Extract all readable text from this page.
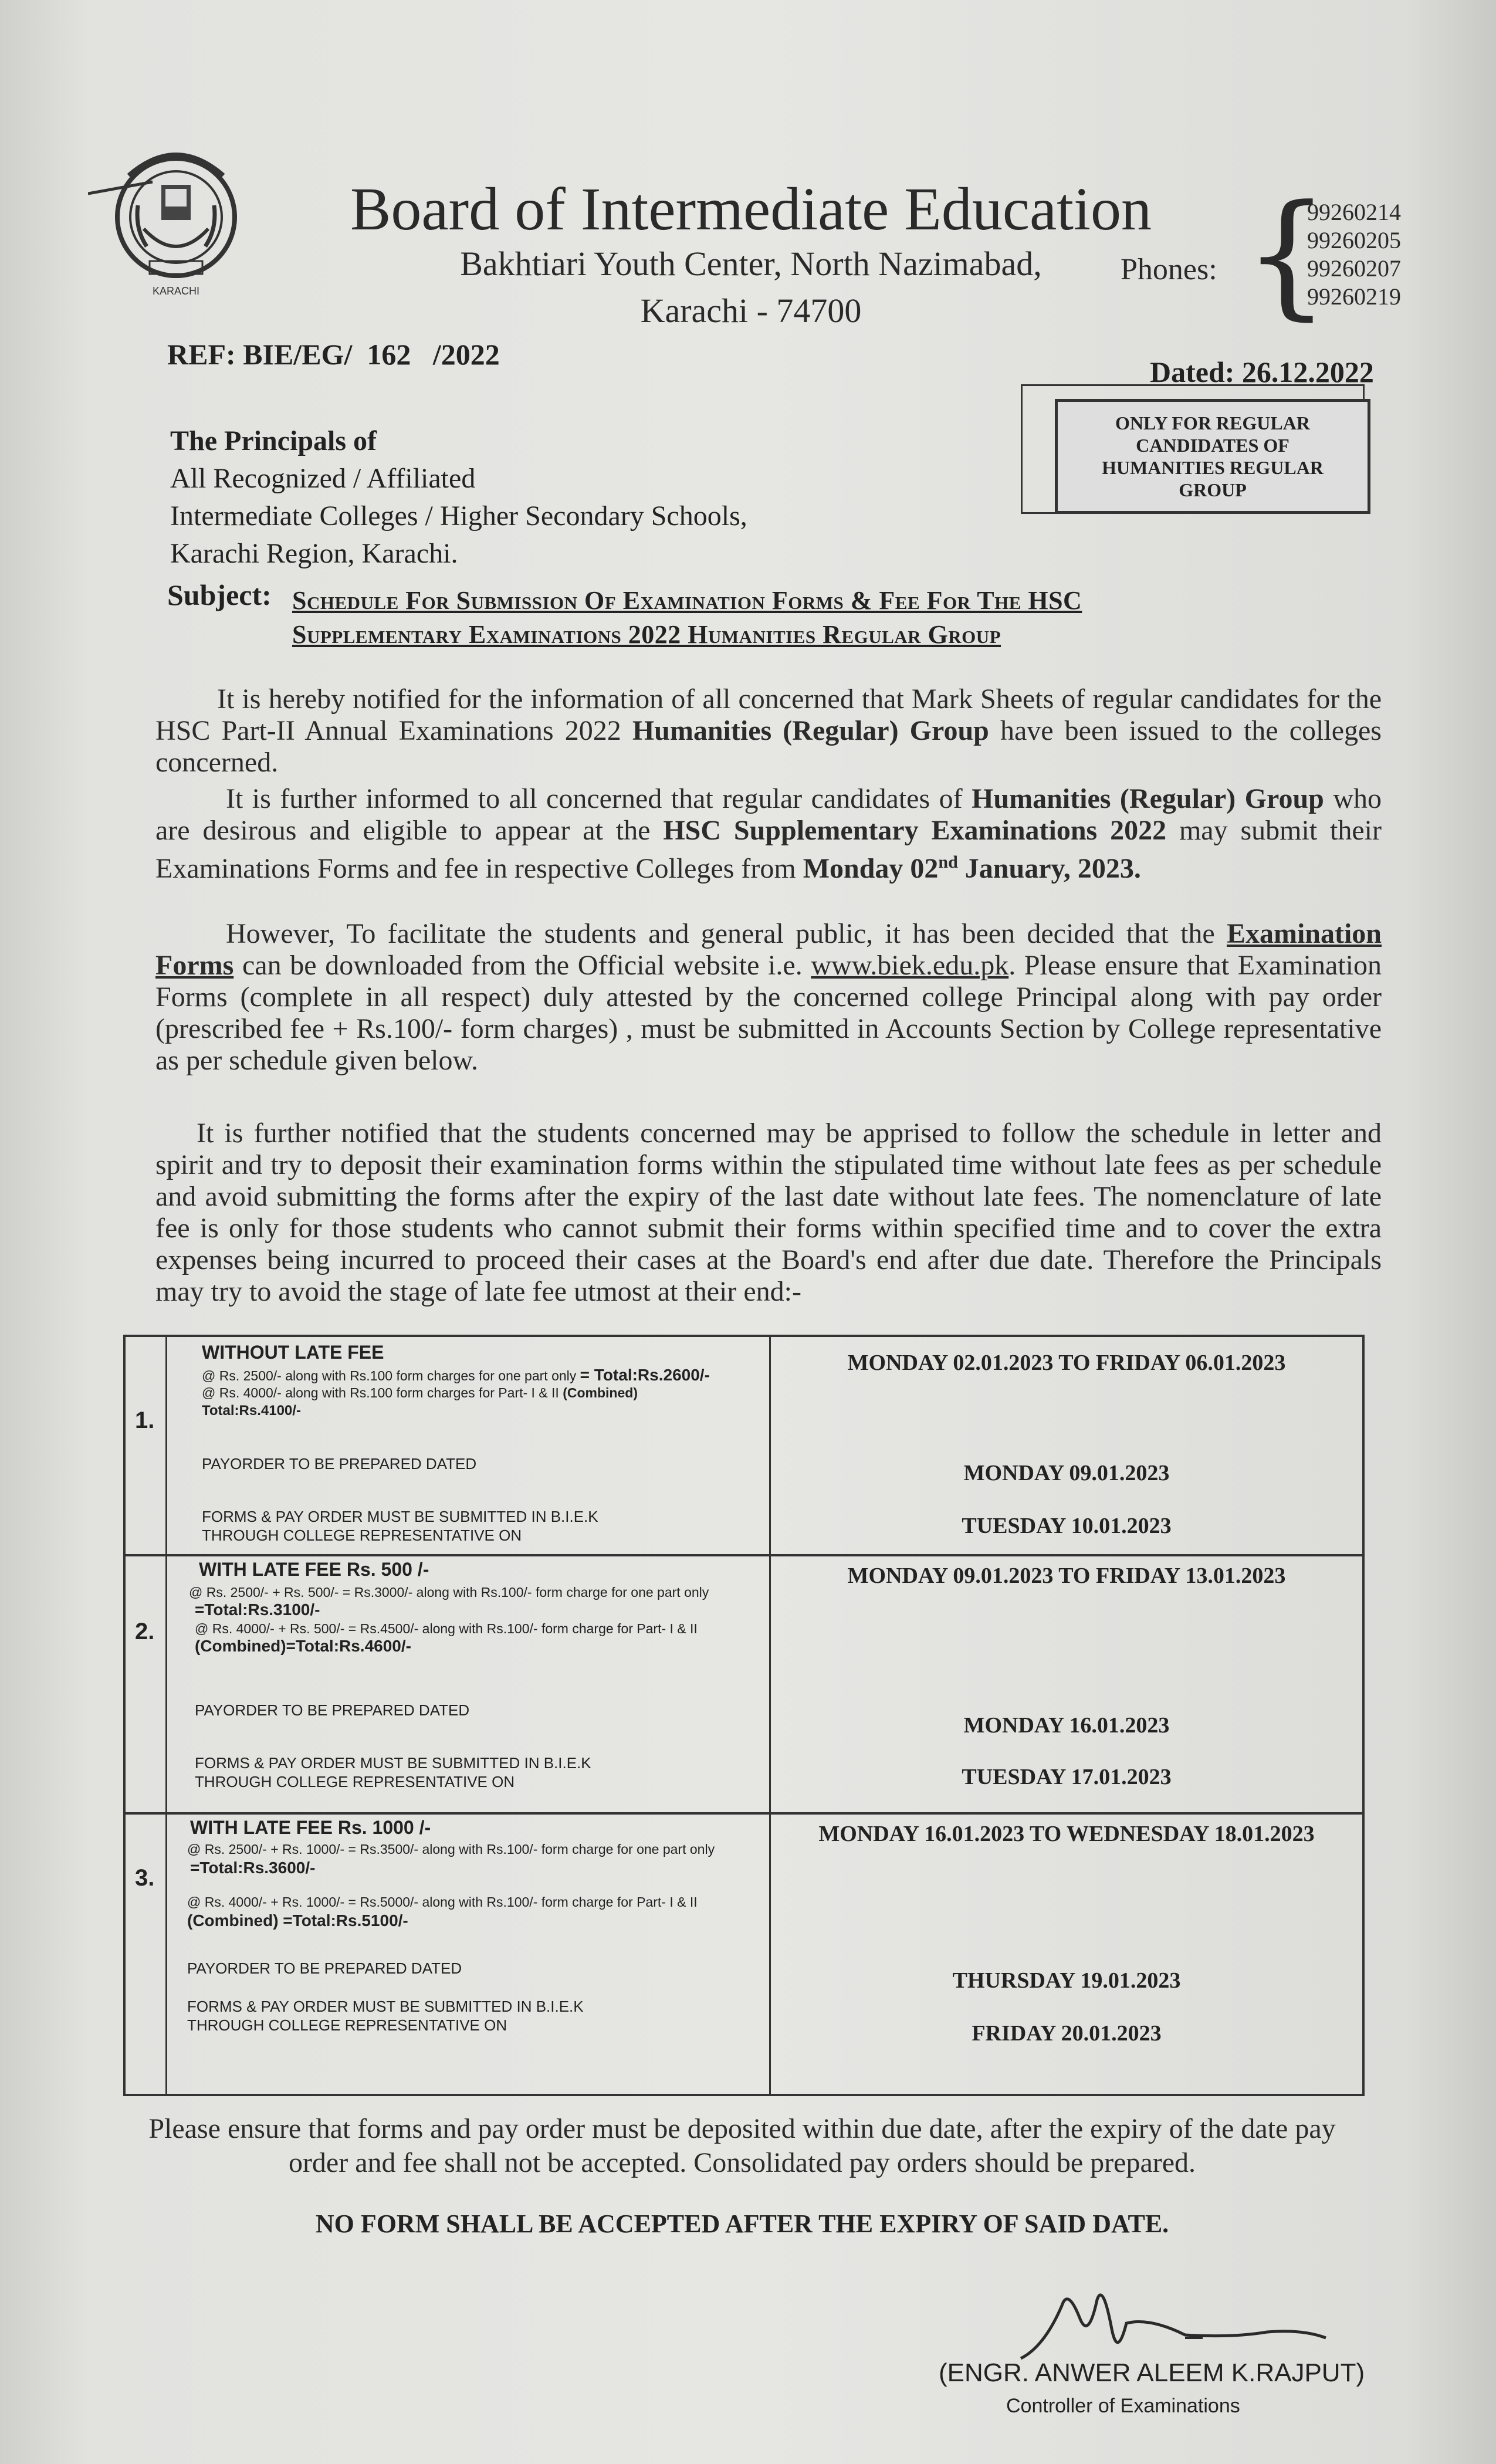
KARACHI
Board of Intermediate Education
Bakhtiari Youth Center, North Nazimabad,
Karachi - 74700
Phones: {
99260214
99260205
99260207
99260219
REF: BIE/EG/  162   /2022
Dated: 26.12.2022
ONLY FOR REGULAR CANDIDATES OF HUMANITIES REGULAR GROUP
The Principals of
All Recognized / Affiliated
Intermediate Colleges / Higher Secondary Schools,
Karachi Region, Karachi.
Subject: Schedule For Submission Of Examination Forms & Fee For The HSC
Supplementary Examinations 2022 Humanities Regular Group
It is hereby notified for the information of all concerned that Mark Sheets of regular candidates for the HSC Part-II Annual Examinations 2022 Humanities (Regular) Group have been issued to the colleges concerned.
It is further informed to all concerned that regular candidates of Humanities (Regular) Group who are desirous and eligible to appear at the HSC Supplementary Examinations 2022 may submit their Examinations Forms and fee in respective Colleges from Monday 02nd January, 2023.
However, To facilitate the students and general public, it has been decided that the Examination Forms can be downloaded from the Official website i.e. www.biek.edu.pk. Please ensure that Examination Forms (complete in all respect) duly attested by the concerned college Principal along with pay order (prescribed fee + Rs.100/- form charges) , must be submitted in Accounts Section by College representative as per schedule given below.
It is further notified that the students concerned may be apprised to follow the schedule in letter and spirit and try to deposit their examination forms within the stipulated time without late fees as per schedule and avoid submitting the forms after the expiry of the last date without late fees. The nomenclature of late fee is only for those students who cannot submit their forms within specified time and to cover the extra expenses being incurred to proceed their cases at the Board's end after due date. Therefore the Principals may try to avoid the stage of late fee utmost at their end:-
1.
WITHOUT LATE FEE
@ Rs. 2500/- along with Rs.100 form charges for one part only = Total:Rs.2600/-
@ Rs. 4000/- along with Rs.100 form charges for Part- I & II (Combined)
Total:Rs.4100/-
PAYORDER TO BE PREPARED DATED
FORMS & PAY ORDER MUST BE SUBMITTED IN B.I.E.K
THROUGH COLLEGE REPRESENTATIVE ON
MONDAY 02.01.2023 TO FRIDAY 06.01.2023
MONDAY 09.01.2023
TUESDAY 10.01.2023
2.
WITH LATE FEE Rs. 500 /-
@ Rs. 2500/- + Rs. 500/- = Rs.3000/- along with Rs.100/- form charge for one part only
=Total:Rs.3100/-
@ Rs. 4000/- + Rs. 500/- = Rs.4500/- along with Rs.100/- form charge for Part- I & II
(Combined)=Total:Rs.4600/-
PAYORDER TO BE PREPARED DATED
FORMS & PAY ORDER MUST BE SUBMITTED IN B.I.E.K
THROUGH COLLEGE REPRESENTATIVE ON
MONDAY 09.01.2023 TO FRIDAY 13.01.2023
MONDAY 16.01.2023
TUESDAY 17.01.2023
3.
WITH LATE FEE Rs. 1000 /-
@ Rs. 2500/- + Rs. 1000/- = Rs.3500/- along with Rs.100/- form charge for one part only
=Total:Rs.3600/-
@ Rs. 4000/- + Rs. 1000/- = Rs.5000/- along with Rs.100/- form charge for Part- I & II
(Combined) =Total:Rs.5100/-
PAYORDER TO BE PREPARED DATED
FORMS & PAY ORDER MUST BE SUBMITTED IN B.I.E.K
THROUGH COLLEGE REPRESENTATIVE ON
MONDAY 16.01.2023 TO WEDNESDAY 18.01.2023
THURSDAY 19.01.2023
FRIDAY 20.01.2023
Please ensure that forms and pay order must be deposited within due date, after the expiry of the date pay order and fee shall not be accepted. Consolidated pay orders should be prepared.
NO FORM SHALL BE ACCEPTED AFTER THE EXPIRY OF SAID DATE.
(ENGR. ANWER ALEEM K.RAJPUT)
Controller of Examinations
